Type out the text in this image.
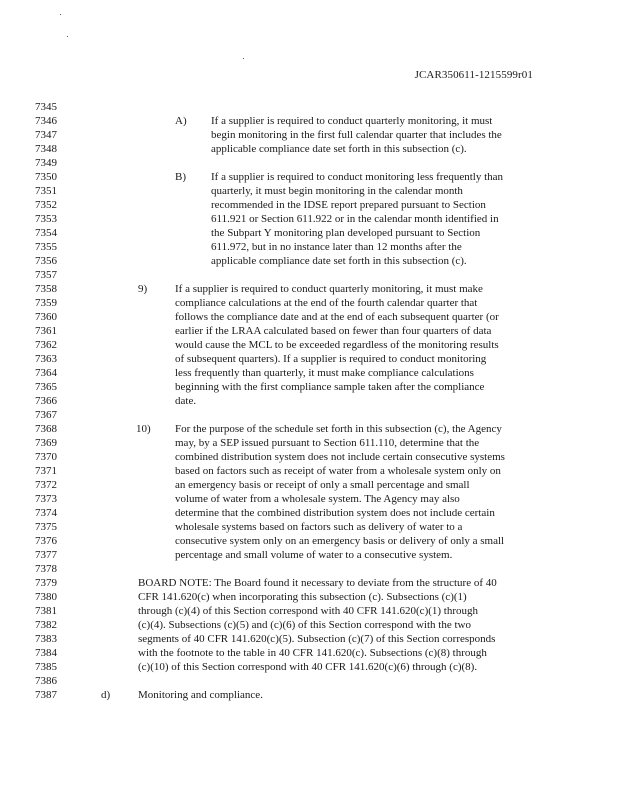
JCAR350611-1215599r01
7345
7346
7347
7348
7349
7350
7351
7352
7353
7354
7355
7356
7357
7358
7359
7360
7361
7362
7363
7364
7365
7366
7367
7368
7369
7370
7371
7372
7373
7374
7375
7376
7377
7378
7379
7380
7381
7382
7383
7384
7385
7386
7387
A) If a supplier is required to conduct quarterly monitoring, it must

begin monitoring in the first full calendar quarter that includes the

applicable compliance date set forth in this subsection (c).

B) If a supplier is required to conduct monitoring less frequently than

quarterly, it must begin monitoring in the calendar month

recommended in the IDSE report prepared pursuant to Section

611.921 or Section 611.922 or in the calendar month identified in

the Subpart Y monitoring plan developed pursuant to Section

611.972, but in no instance later than 12 months after the

applicable compliance date set forth in this subsection (c).

9)	If a supplier is required to conduct quarterly monitoring, it must make

compliance calculations at the end of the fourth calendar quarter that

follows the compliance date and at the end of each subsequent quarter (or

earlier if the LRAA calculated based on fewer than four quarters of data

would cause the MCL to be exceeded regardless of the monitoring results

of subsequent quarters). If a supplier is required to conduct monitoring

less frequently than quarterly, it must make compliance calculations

beginning with the first compliance sample taken after the compliance

date.

10) For the purpose of the schedule set forth in this subsection (c), the Agency

may, by a SEP issued pursuant to Section 611.110, determine that the

combined distribution system does not include certain consecutive systems

based on factors such as receipt of water from a wholesale system only on

an emergency basis or receipt of only a small percentage and small

volume of water from a wholesale system. The Agency may also

determine that the combined distribution system does not include certain

wholesale systems based on factors such as delivery of water to a

consecutive system only on an emergency basis or delivery of only a small

percentage and small volume of water to a consecutive system.

BOARD NOTE: The Board found it necessary to deviate from the structure of 40

CFR 141.620(c) when incorporating this subsection (c). Subsections (c)(1)

through (c)(4) of this Section correspond with 40 CFR 141.620(c)(1) through

(c)(4). Subsections (c)(5) and (c)(6) of this Section correspond with the two

segments of 40 CFR 141.620(c)(5). Subsection (c)(7) of this Section corresponds

with the footnote to the table in 40 CFR 141.620(c). Subsections (c)(8) through

(c)(10) of this Section correspond with 40 CFR 141.620(c)(6) through (c)(8).

d)	Monitoring and compliance.
